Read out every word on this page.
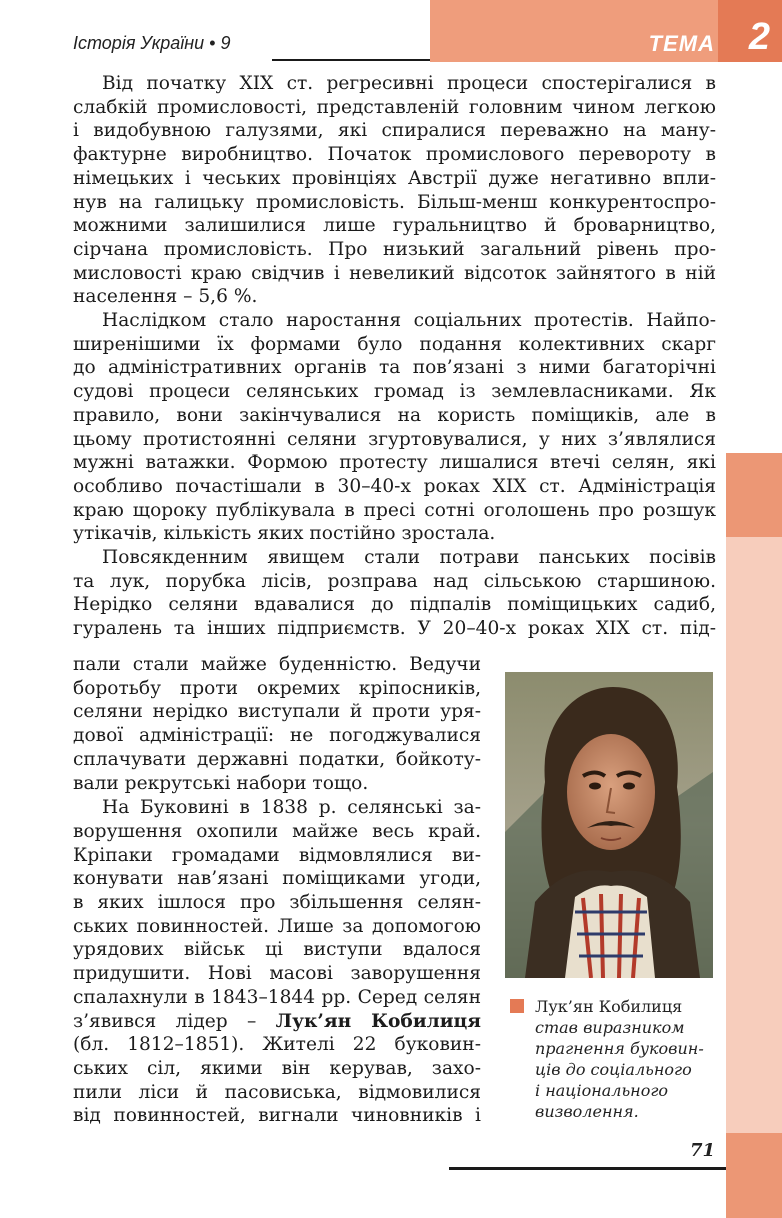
Історія України • 9	ТЕМА 2
Від початку XIX ст. регресивні процеси спостерігалися в
слабкій промисловості, представленій головним чином легкою
і видобувною галузями, які спиралися переважно на ману-
фактурне виробництво. Початок промислового перевороту в
німецьких і чеських провінціях Австрії дуже негативно впли-
нув на галицьку промисловість. Більш-менш конкурентоспро-
можними залишилися лише гуральництво й броварництво,
сірчана промисловість. Про низький загальний рівень про-
мисловості краю свідчив і невеликий відсоток зайнятого в ній
населення – 5,6 %.
Наслідком стало наростання соціальних протестів. Найпо-
ширенішими їх формами було подання колективних скарг
до адміністративних органів та пов’язані з ними багаторічні
судові процеси селянських громад із землевласниками. Як
правило, вони закінчувалися на користь поміщиків, але в
цьому протистоянні селяни згуртовувалися, у них з’являлися
мужні ватажки. Формою протесту лишалися втечі селян, які
особливо почастішали в 30–40-х роках XIX ст. Адміністрація
краю щороку публікувала в пресі сотні оголошень про розшук
утікачів, кількість яких постійно зростала.
Повсякденним явищем стали потрави панських посівів
та лук, порубка лісів, розправа над сільською старшиною.
Нерідко селяни вдавалися до підпалів поміщицьких садиб,
гуралень та інших підприємств. У 20–40-х роках XIX ст. під-
пали стали майже буденністю. Ведучи
боротьбу проти окремих кріпосників,
селяни нерідко виступали й проти уря-
дової адміністрації: не погоджувалися
сплачувати державні податки, бойкоту-
вали рекрутські набори тощо.
На Буковині в 1838 р. селянські за-
ворушення охопили майже весь край.
Кріпаки громадами відмовлялися ви-
конувати нав’язані поміщиками угоди,
в яких ішлося про збільшення селян-
ських повинностей. Лише за допомогою
урядових військ ці виступи вдалося
придушити. Нові масові заворушення
спалахнули в 1843–1844 рр. Серед селян
з’явився лідер – Лук’ян Кобилиця
(бл. 1812–1851). Жителі 22 буковин-
ських сіл, якими він керував, захо-
пили ліси й пасовиська, відмовилися
від повинностей, вигнали чиновників і
Лук’ян Кобилиця
став виразником
прагнення буковин-
ців до соціального
і національного
визволення.
71
